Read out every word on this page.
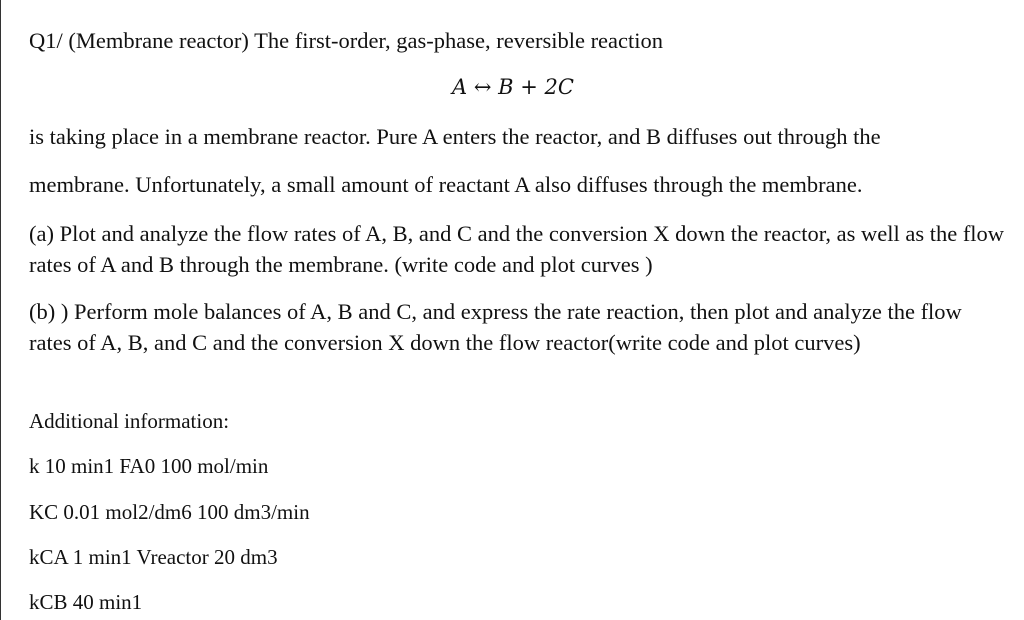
Q1/ (Membrane reactor) The first-order, gas-phase, reversible reaction
A ↔ B + 2C
is taking place in a membrane reactor. Pure A enters the reactor, and B diffuses out through the
membrane. Unfortunately, a small amount of reactant A also diffuses through the membrane.
(a) Plot and analyze the flow rates of A, B, and C and the conversion X down the reactor, as well as the flow rates of A and B through the membrane. (write code and plot curves )
(b) ) Perform mole balances of A, B and C, and express the rate reaction, then plot and analyze the flow rates of A, B, and C and the conversion X down the flow reactor(write code and plot curves)
Additional information:
k 10 min1 FA0 100 mol/min
KC 0.01 mol2/dm6 100 dm3/min
kCA 1 min1 Vreactor 20 dm3
kCB 40 min1
